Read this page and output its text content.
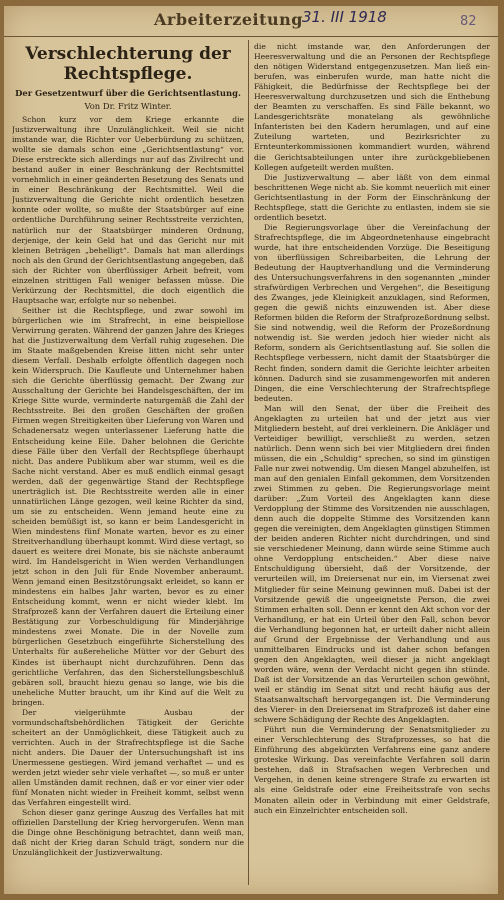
Arbeiterzeitung 31. III 1918	82
Verschlechterung der Rechtspflege.
Der Gesetzentwurf über die Gerichtsentlastung.
Von Dr. Fritz Winter.

Schon kurz vor dem Kriege erkannte die Justizverwaltung ihre Unzulänglichkeit. Weil sie nicht imstande war, die Richter vor Ueberbürdung zu schützen, wollte sie damals schon eine „Gerichtsentlastung“ vor. Diese erstreckte sich allerdings nur auf das Zivilrecht und bestand außer in einer Beschränkung der Rechtsmittel vornehmlich in einer geänderten Besetzung des Senats und in einer Beschränkung der Rechtsmittel. Weil die Justizverwaltung die Gerichte nicht ordentlich besetzen konnte oder wollte, so mußte der Staatsbürger auf eine ordentliche Durchführung seiner Rechtsstreite verzichten, natürlich nur der Staatsbürger minderen Ordnung, derjenige, der kein Geld hat und das Gericht nur mit kleinen Beträgen „behelligt“. Damals hat man allerdings noch als den Grund der Gerichtsentlastung angegeben, daß sich der Richter von überflüssiger Arbeit befreit, vom einzelnen strittigen Fall weniger befassen müsse. Die Verkürzung der Rechtsmittel, die doch eigentlich die Hauptsache war, erfolgte nur so nebenbei.

Seither ist die Rechtspflege, und zwar sowohl im bürgerlichen wie im Strafrecht, in eine beispiellose Verwirrung geraten. Während der ganzen Jahre des Krieges hat die Justizverwaltung dem Verfall ruhig zugesehen. Die im Staate maßgebenden Kreise litten nicht sehr unter diesem Verfall. Deshalb erfolgte öffentlich dagegen noch kein Widerspruch. Die Kaufleute und Unternehmer haben sich die Gerichte überflüssig gemacht. Der Zwang zur Ausschaltung der Gerichte bei Handelsgeschäften, der im Kriege Sitte wurde, verminderte naturgemäß die Zahl der Rechtsstreite. Bei den großen Geschäften der großen Firmen wegen Streitigkeiten über Lieferung von Waren und Schadenersatz wegen unterlassener Lieferung hatte die Entscheidung keine Eile. Daher belohnen die Gerichte diese Fälle über den Verfall der Rechtspflege überhaupt nicht. Das andere Publikum aber war stumm, weil es die Sache nicht verstand. Aber es muß endlich einmal gesagt werden, daß der gegenwärtige Stand der Rechtspflege unerträglich ist. Die Rechtsstreite werden alle in einer unnatürlichen Länge gezogen, weil keine Richter da sind, um sie zu entscheiden. Wenn jemand heute eine zu scheiden bemüßigt ist, so kann er beim Landesgericht in Wien mindestens fünf Monate warten, bevor es zu einer Streitverhandlung überhaupt kommt. Wird diese vertagt, so dauert es weitere drei Monate, bis sie nächste anberaumt wird. Im Handelsgericht in Wien werden Verhandlungen jetzt schon in den Juli für Ende November anberaumt. Wenn jemand einen Besitzstörungsakt erleidet, so kann er mindestens ein halbes Jahr warten, bevor es zu einer Entscheidung kommt, wenn er nicht wieder klebt. Im Strafprozeß kann der Verfahren dauert die Erteilung einer Bestätigung zur Vorbeschuldigung für Minderjährige mindestens zwei Monate. Die in der Novelle zum bürgerlichen Gesetzbuch eingeführte Sicherstellung des Unterhalts für außereheliche Mütter vor der Geburt des Kindes ist überhaupt nicht durchzuführen. Denn das gerichtliche Verfahren, das den Sicherstellungsbeschluß gebären soll, braucht hiezu genau so lange, wie bis die uneheliche Mutter braucht, um ihr Kind auf die Welt zu bringen.

Der vielgerühmte Ausbau der vormundschaftsbehördlichen Tätigkeit der Gerichte scheitert an der Unmöglichkeit, diese Tätigkeit auch zu verrichten. Auch in der Strafrechtspflege ist die Sache nicht anders. Die Dauer der Untersuchungshaft ist ins Unermessene gestiegen. Wird jemand verhaftet — und es werden jetzt wieder sehr viele verhaftet —, so muß er unter allen Umständen damit rechnen, daß er vor einer vier oder fünf Monaten nicht wieder in Freiheit kommt, selbst wenn das Verfahren eingestellt wird.

Schon dieser ganz geringe Auszug des Verfalles hat mit offiziellen Darstellung der Krieg hervorgerufen. Wenn man die Dinge ohne Beschönigung betrachtet, dann weiß man, daß nicht der Krieg daran Schuld trägt, sondern nur die Unzulänglichkeit der Justizverwaltung.

die nicht imstande war, den Anforderungen der Heeresverwaltung und die an Personen der Rechtspflege den nötigen Widerstand entgegenzusetzen. Man ließ ein- berufen, was einberufen wurde, man hatte nicht die Fähigkeit, die Bedürfnisse der Rechtspflege bei der Heeresverwaltung durchzusetzen und sich die Enthebung der Beamten zu verschaffen. Es sind Fälle bekannt, wo Landesgerichtsräte monatelang als gewöhnliche Infanteristen bei den Kadern herumlagen, und auf eine Zuteilung warteten, und Bezirksrichter zu Ernteunterkommissionen kommandiert wurden, während die Gerichtsabteilungen unter ihre zurückgebliebenen Kollegen aufgeteilt werden mußten.

Die Justizverwaltung — aber läßt von dem einmal beschrittenen Wege nicht ab. Sie kommt neuerlich mit einer Gerichtsentlastung in der Form der Einschränkung der Rechtspflege, statt die Gerichte zu entlasten, indem sie sie ordentlich besetzt.

Die Regierungsvorlage über die Vereinfachung der Strafrechtspflege, die im Abgeordnetenhause eingebracht wurde, hat ihre entscheidenden Vorzüge. Die Beseitigung von überflüssigen Schreibarbeiten, die Lehrung der Bedeutung der Hauptverhandlung und die Verminderung des Untersuchungsverfahrens in den sogenannten „minder strafwürdigen Verbrechen und Vergehen“, die Beseitigung des Zwanges, jede Kleinigkeit anzuklagen, sind Reformen, gegen die gewiß nichts einzuwenden ist. Aber diese Reformen bilden die Reform der Strafprozeßordnung selbst. Sie sind notwendig, weil die Reform der Prozeßordnung notwendig ist. Sie werden jedoch hier wieder nicht als Reform, sondern als Gerichtsentlastung auf. Sie sollen die Rechtspflege verbessern, nicht damit der Staatsbürger die Recht finden, sondern damit die Gerichte leichter arbeiten können. Dadurch sind sie zusammengeworfen mit anderen Dingen, die eine Verschlechterung der Strafrechtspflege bedeuten.

Man will den Senat, der über die Freiheit des Angeklagten zu urteilen hat und der jetzt aus vier Mitgliedern besteht, auf drei verkleinern. Die Ankläger und Verteidiger bewilligt, verschließt zu werden, setzen natürlich. Denn wenn sich bei vier Mitgliedern drei finden müssen, die ein „Schuldig“ sprechen, so sind im günstigen Falle nur zwei notwendig. Um diesen Mangel abzuhelfen, ist man auf den genialen Einfall gekommen, dem Vorsitzenden zwei Stimmen zu geben. Die Regierungsvorlage meint darüber: „Zum Vorteil des Angeklagten kann diese Verdopplung der Stimme des Vorsitzenden nie ausschlagen, denn auch die doppelte Stimme des Vorsitzenden kann gegen die vereinigten, dem Angeklagten günstigen Stimmen der beiden anderen Richter nicht durchdringen, und sind sie verschiedener Meinung, dann würde seine Stimme auch ohne Verdopplung entscheiden.“ Aber diese naive Entschuldigung übersieht, daß der Vorsitzende, der verurteilen will, im Dreiersenat nur ein, im Viersenat zwei Mitglieder für seine Meinung gewinnen muß. Dabei ist der Vorsitzende gewiß die ungeeignetste Person, die zwei Stimmen erhalten soll. Denn er kennt den Akt schon vor der Verhandlung, er hat ein Urteil über den Fall, schon bevor die Verhandlung begonnen hat, er urteilt daher nicht allein auf Grund der Ergebnisse der Verhandlung und aus unmittelbaren Eindrucks und ist daher schon befangen gegen den Angeklagten, weil dieser ja nicht angeklagt worden wäre, wenn der Verdacht nicht gegen ihn stünde. Daß ist der Vorsitzende an das Verurteilen schon gewöhnt, weil er ständig im Senat sitzt und recht häufig aus der Staatsanwaltschaft hervorgegangen ist. Die Verminderung des Vierer- in den Dreiersenat im Strafprozeß ist daher eine schwere Schädigung der Rechte des Angeklagten.

Führt nun die Verminderung der Senatsmitglieder zu einer Verschlechterung des Strafprozesses, so hat die Einführung des abgekürzten Verfahrens eine ganz andere groteske Wirkung. Das vereinfachte Verfahren soll darin bestehen, daß in Strafsachen wegen Verbrechen und Vergehen, in denen keine strengere Strafe zu erwarten ist als eine Geldstrafe oder eine Freiheitsstrafe von sechs Monaten allein oder in Verbindung mit einer Geldstrafe, auch ein Einzelrichter entscheiden soll.
